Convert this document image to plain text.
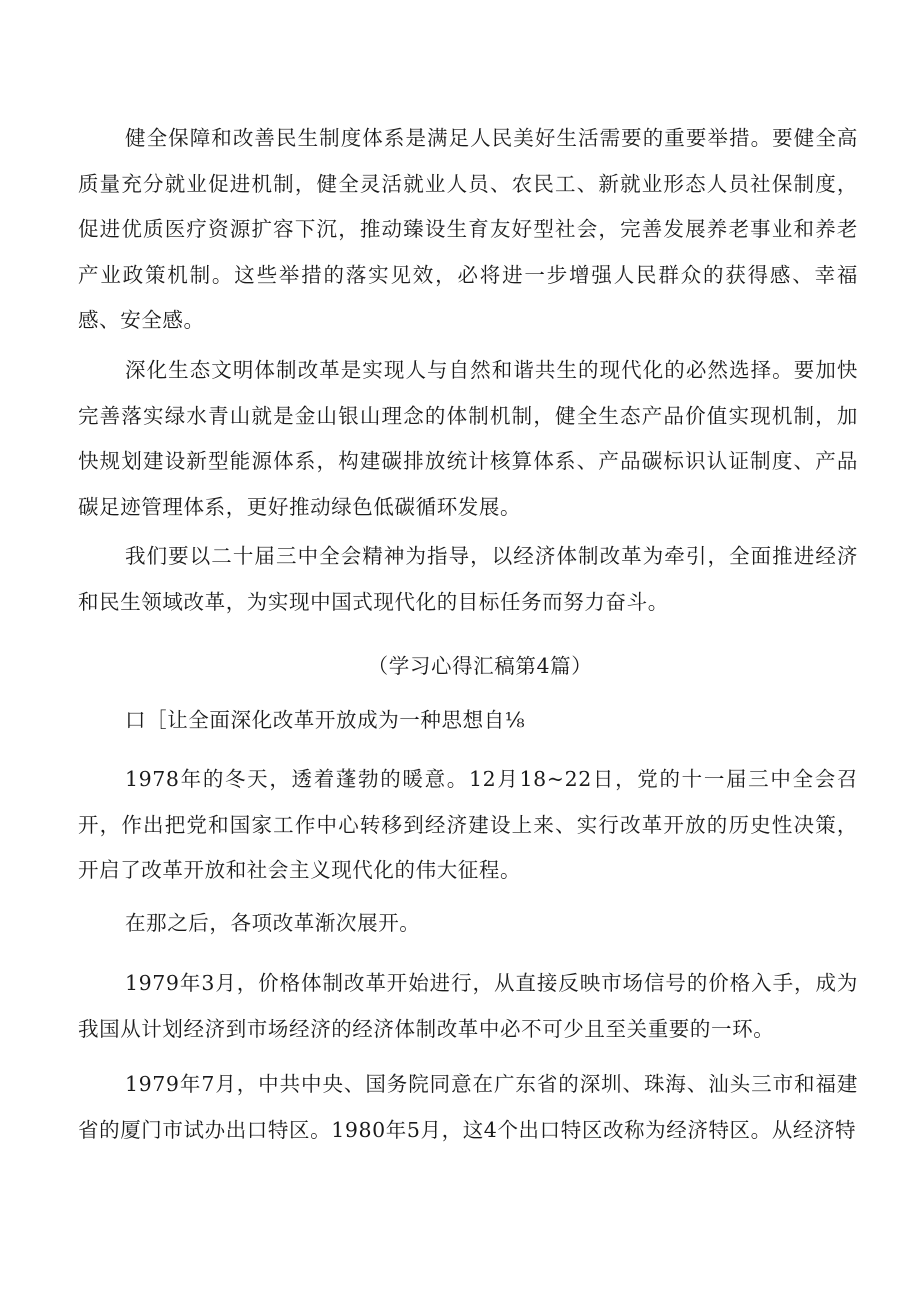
健全保障和改善民生制度体系是满足人民美好生活需要的重要举措。要健全高质量充分就业促进机制，健全灵活就业人员、农民工、新就业形态人员社保制度，促进优质医疗资源扩容下沉，推动臻设生育友好型社会，完善发展养老事业和养老产业政策机制。这些举措的落实见效，必将进一步增强人民群众的获得感、幸福感、安全感。

深化生态文明体制改革是实现人与自然和谐共生的现代化的必然选择。要加快完善落实绿水青山就是金山银山理念的体制机制，健全生态产品价值实现机制，加快规划建设新型能源体系，构建碳排放统计核算体系、产品碳标识认证制度、产品碳足迹管理体系，更好推动绿色低碳循环发展。

我们要以二十届三中全会精神为指导，以经济体制改革为牵引，全面推进经济和民生领域改革，为实现中国式现代化的目标任务而努力奋斗。

（学习心得汇稿第4篇）

口［让全面深化改革开放成为一种思想自⅛

1978年的冬天，透着蓬勃的暖意。12月18~22日，党的十一届三中全会召开，作出把党和国家工作中心转移到经济建设上来、实行改革开放的历史性决策，开启了改革开放和社会主义现代化的伟大征程。

在那之后，各项改革渐次展开。

1979年3月，价格体制改革开始进行，从直接反映市场信号的价格入手，成为我国从计划经济到市场经济的经济体制改革中必不可少且至关重要的一环。

1979年7月，中共中央、国务院同意在广东省的深圳、珠海、汕头三市和福建省的厦门市试办出口特区。1980年5月，这4个出口特区改称为经济特区。从经济特
